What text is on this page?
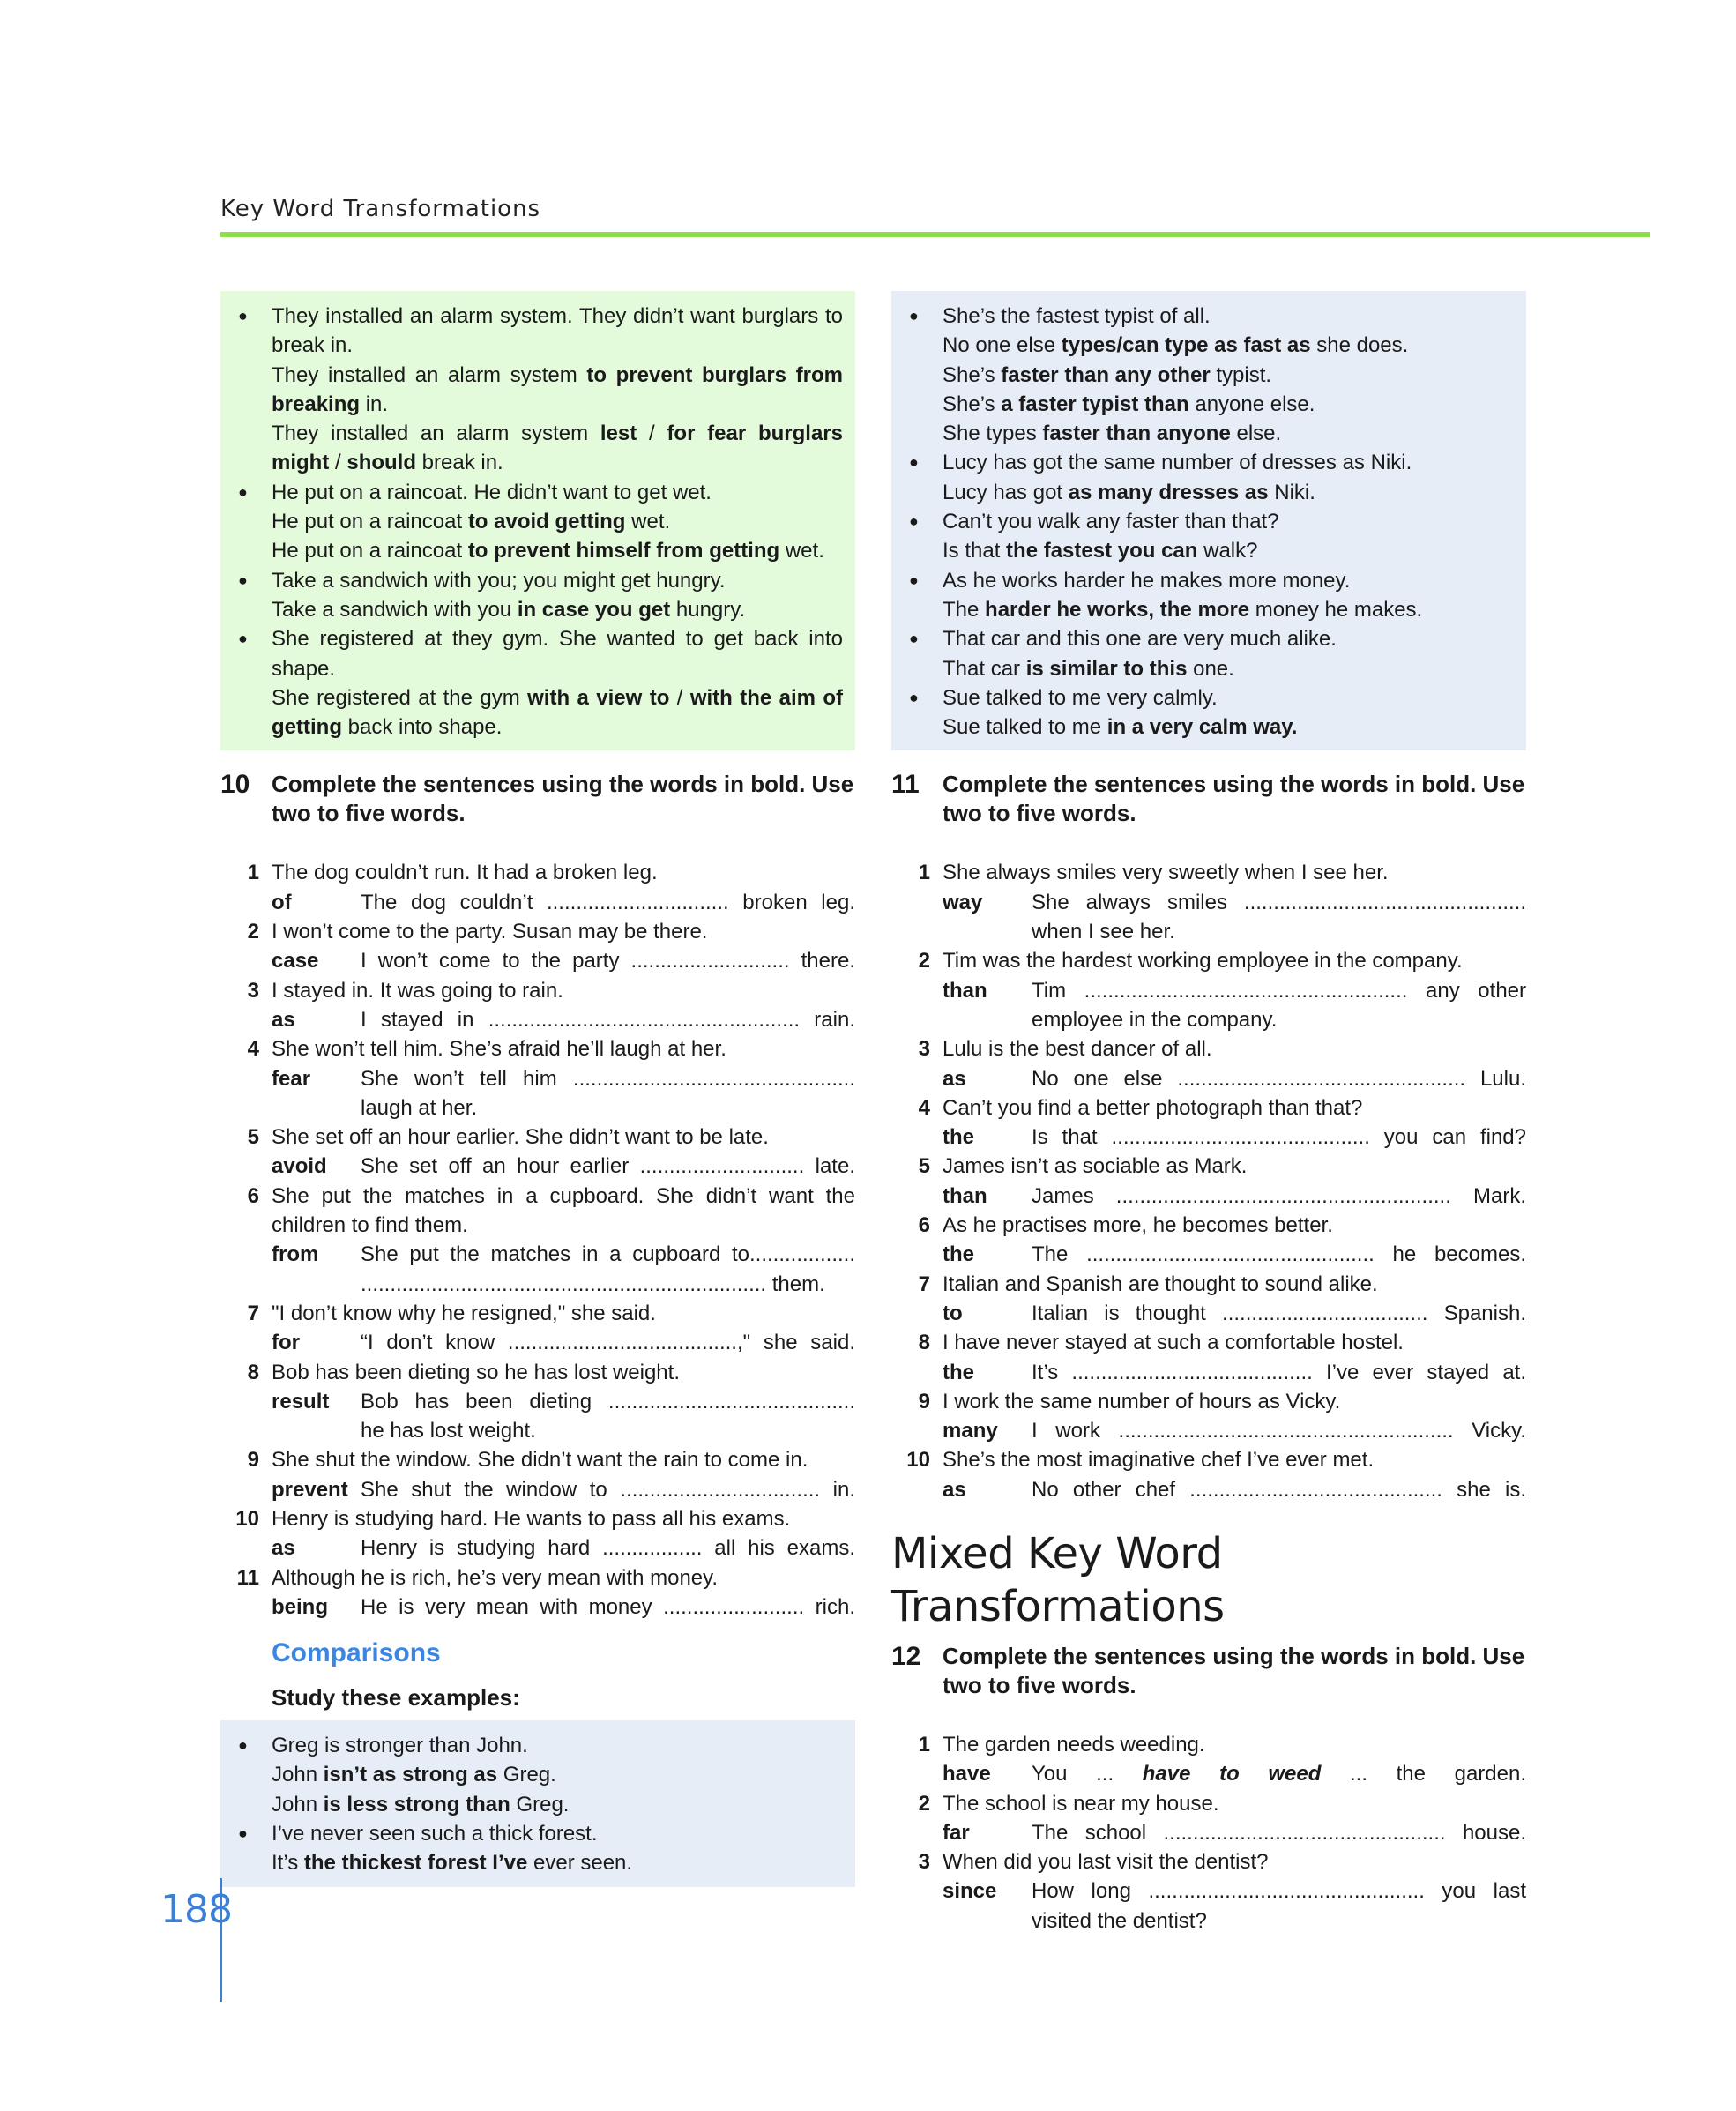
Key Word Transformations
● They installed an alarm system. They didn’t want burglars to break in.
They installed an alarm system to prevent burglars from breaking in.
They installed an alarm system lest / for fear burglars might / should break in.
● He put on a raincoat. He didn’t want to get wet.
He put on a raincoat to avoid getting wet.
He put on a raincoat to prevent himself from getting wet.
● Take a sandwich with you; you might get hungry.
Take a sandwich with you in case you get hungry.
● She registered at they gym. She wanted to get back into shape.
She registered at the gym with a view to / with the aim of getting back into shape.
10 Complete the sentences using the words in bold. Use two to five words.
1 The dog couldn’t run. It had a broken leg.
of	The dog couldn’t ............................... broken leg.
2 I won’t come to the party. Susan may be there.
case	I won’t come to the party ........................... there.
3 I stayed in. It was going to rain.
as	I stayed in ..................................................... rain.
4 She won’t tell him. She’s afraid he’ll laugh at her.
fear	She won’t tell him ................................................
laugh at her.
5 She set off an hour earlier. She didn’t want to be late.
avoid	She set off an hour earlier ............................ late.
6 She put the matches in a cupboard. She didn’t want the children to find them.
from	She put the matches in a cupboard to..................
..................................................................... them.
7 "I don’t know why he resigned," she said.
for	“I don’t know .......................................," she said.
8 Bob has been dieting so he has lost weight.
result	Bob has been dieting ..........................................
he has lost weight.
9 She shut the window. She didn’t want the rain to come in.
prevent She shut the window to .................................. in.
10 Henry is studying hard. He wants to pass all his exams.
as	Henry is studying hard ................. all his exams.
11 Although he is rich, he’s very mean with money.
being	He is very mean with money ........................ rich.
Comparisons
Study these examples:
● Greg is stronger than John.
John isn’t as strong as Greg.
John is less strong than Greg.
● I’ve never seen such a thick forest.
It’s the thickest forest I’ve ever seen.
● She’s the fastest typist of all.
No one else types/can type as fast as she does.
She’s faster than any other typist.
She’s a faster typist than anyone else.
She types faster than anyone else.
● Lucy has got the same number of dresses as Niki.
Lucy has got as many dresses as Niki.
● Can’t you walk any faster than that?
Is that the fastest you can walk?
● As he works harder he makes more money.
The harder he works, the more money he makes.
● That car and this one are very much alike.
That car is similar to this one.
● Sue talked to me very calmly.
Sue talked to me in a very calm way.
11 Complete the sentences using the words in bold. Use two to five words.
1 She always smiles very sweetly when I see her.
way	She always smiles ................................................
when I see her.
2 Tim was the hardest working employee in the company.
than	Tim ....................................................... any other
employee in the company.
3 Lulu is the best dancer of all.
as	No one else ................................................. Lulu.
4 Can’t you find a better photograph than that?
the	Is that ............................................ you can find?
5 James isn’t as sociable as Mark.
than	James ......................................................... Mark.
6 As he practises more, he becomes better.
the	The ................................................. he becomes.
7 Italian and Spanish are thought to sound alike.
to	Italian is thought ................................... Spanish.
8 I have never stayed at such a comfortable hostel.
the	It’s ......................................... I’ve ever stayed at.
9 I work the same number of hours as Vicky.
many	I work ......................................................... Vicky.
10 She’s the most imaginative chef I’ve ever met.
as	No other chef ........................................... she is.
Mixed Key Word Transformations
12 Complete the sentences using the words in bold. Use two to five words.
1 The garden needs weeding.
have	You ... have to weed ... the garden.
2 The school is near my house.
far	The school ................................................ house.
3 When did you last visit the dentist?
since	How long ............................................... you last
visited the dentist?
188
